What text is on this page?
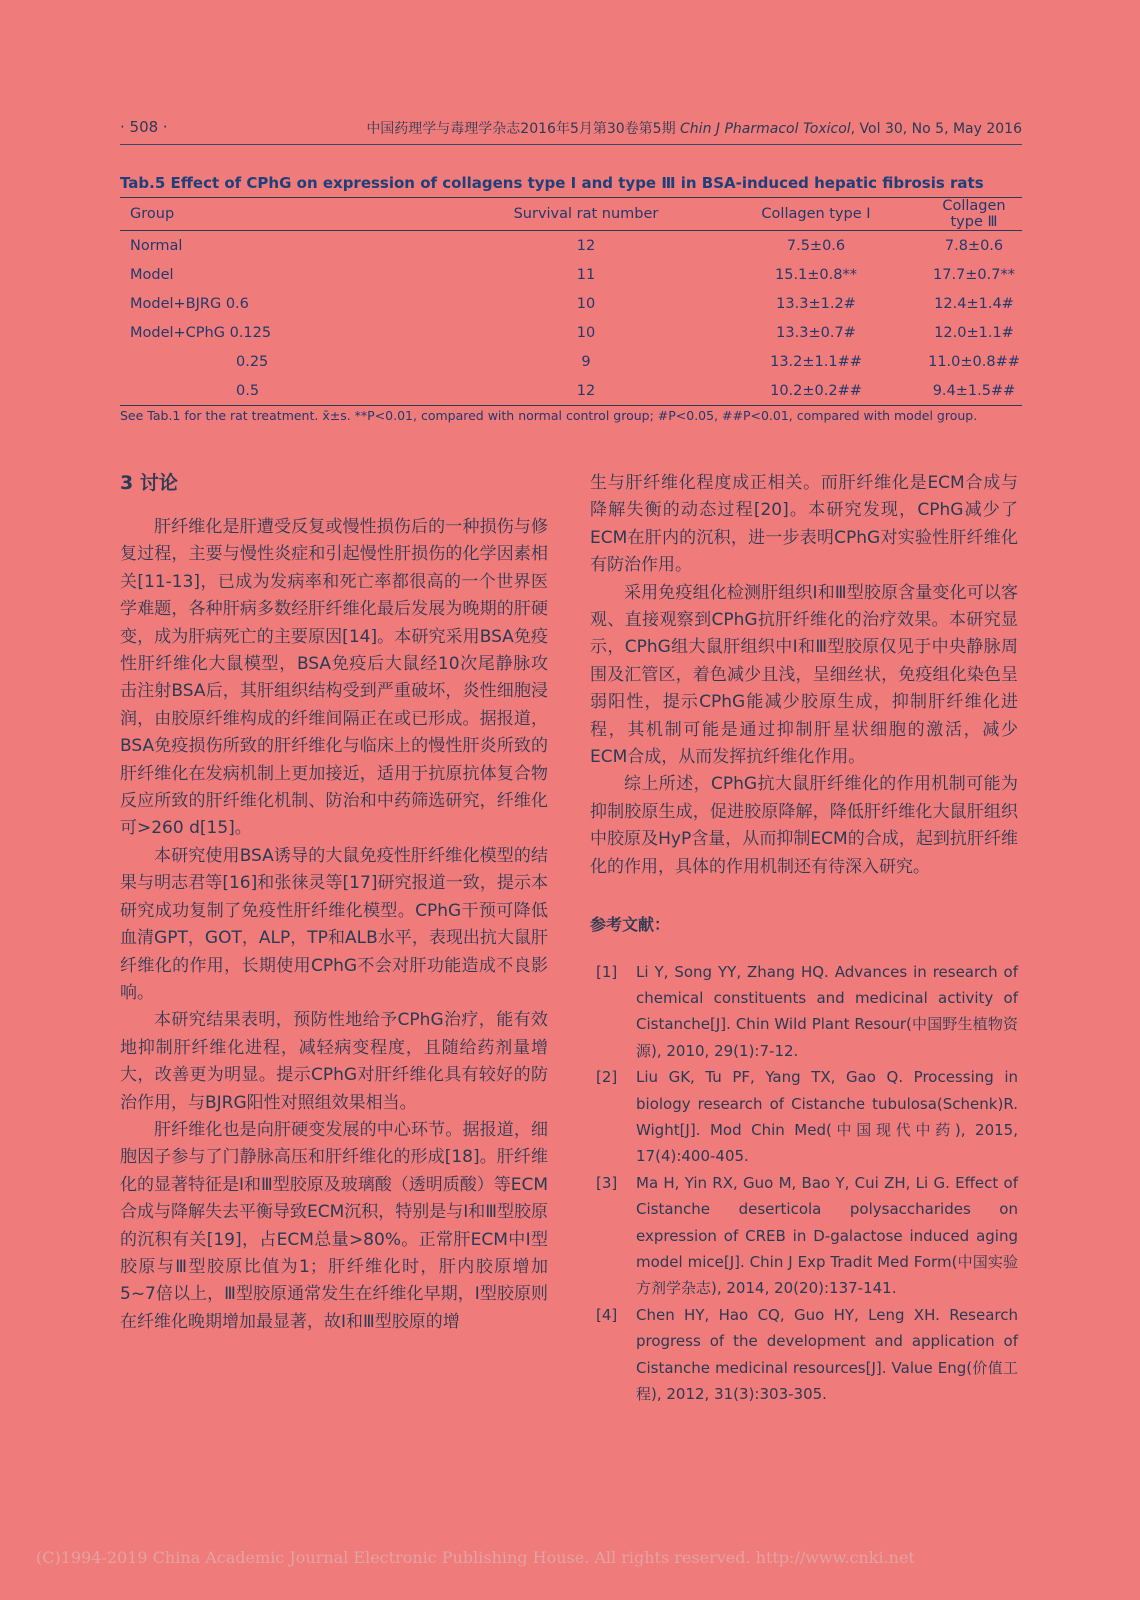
· 508 ·	中国药理学与毒理学杂志2016年5月第30卷第5期 Chin J Pharmacol Toxicol, Vol 30, No 5, May 2016
Tab.5 Effect of CPhG on expression of collagens type Ⅰ and type Ⅲ in BSA-induced hepatic fibrosis rats
Group	Survival rat number	Collagen type Ⅰ	Collagen type Ⅲ
Normal	12	7.5±0.6	7.8±0.6
Model	11	15.1±0.8**	17.7±0.7**
Model+BJRG 0.6	10	13.3±1.2#	12.4±1.4#
Model+CPhG 0.125	10	13.3±0.7#	12.0±1.1#
0.25	9	13.2±1.1##	11.0±0.8##
0.5	12	10.2±0.2##	9.4±1.5##
See Tab.1 for the rat treatment. x̄±s. **P<0.01, compared with normal control group; #P<0.05, ##P<0.01, compared with model group.
3 讨论

肝纤维化是肝遭受反复或慢性损伤后的一种损伤与修复过程，主要与慢性炎症和引起慢性肝损伤的化学因素相关[11-13]，已成为发病率和死亡率都很高的一个世界医学难题，各种肝病多数经肝纤维化最后发展为晚期的肝硬变，成为肝病死亡的主要原因[14]。本研究采用BSA免疫性肝纤维化大鼠模型，BSA免疫后大鼠经10次尾静脉攻击注射BSA后，其肝组织结构受到严重破坏，炎性细胞浸润，由胶原纤维构成的纤维间隔正在或已形成。据报道，BSA免疫损伤所致的肝纤维化与临床上的慢性肝炎所致的肝纤维化在发病机制上更加接近，适用于抗原抗体复合物反应所致的肝纤维化机制、防治和中药筛选研究，纤维化可>260 d[15]。

本研究使用BSA诱导的大鼠免疫性肝纤维化模型的结果与明志君等[16]和张徕灵等[17]研究报道一致，提示本研究成功复制了免疫性肝纤维化模型。CPhG干预可降低血清GPT，GOT，ALP，TP和ALB水平，表现出抗大鼠肝纤维化的作用，长期使用CPhG不会对肝功能造成不良影响。

本研究结果表明，预防性地给予CPhG治疗，能有效地抑制肝纤维化进程，减轻病变程度，且随给药剂量增大，改善更为明显。提示CPhG对肝纤维化具有较好的防治作用，与BJRG阳性对照组效果相当。

肝纤维化也是向肝硬变发展的中心环节。据报道，细胞因子参与了门静脉高压和肝纤维化的形成[18]。肝纤维化的显著特征是Ⅰ和Ⅲ型胶原及玻璃酸（透明质酸）等ECM合成与降解失去平衡导致ECM沉积，特别是与Ⅰ和Ⅲ型胶原的沉积有关[19]，占ECM总量>80%。正常肝ECM中Ⅰ型胶原与Ⅲ型胶原比值为1；肝纤维化时，肝内胶原增加5~7倍以上，Ⅲ型胶原通常发生在纤维化早期，Ⅰ型胶原则在纤维化晚期增加最显著，故Ⅰ和Ⅲ型胶原的增

生与肝纤维化程度成正相关。而肝纤维化是ECM合成与降解失衡的动态过程[20]。本研究发现，CPhG减少了ECM在肝内的沉积，进一步表明CPhG对实验性肝纤维化有防治作用。

采用免疫组化检测肝组织Ⅰ和Ⅲ型胶原含量变化可以客观、直接观察到CPhG抗肝纤维化的治疗效果。本研究显示，CPhG组大鼠肝组织中Ⅰ和Ⅲ型胶原仅见于中央静脉周围及汇管区，着色减少且浅，呈细丝状，免疫组化染色呈弱阳性，提示CPhG能减少胶原生成，抑制肝纤维化进程，其机制可能是通过抑制肝星状细胞的激活，减少ECM合成，从而发挥抗纤维化作用。

综上所述，CPhG抗大鼠肝纤维化的作用机制可能为抑制胶原生成，促进胶原降解，降低肝纤维化大鼠肝组织中胶原及HyP含量，从而抑制ECM的合成，起到抗肝纤维化的作用，具体的作用机制还有待深入研究。

参考文献：
[1] Li Y, Song YY, Zhang HQ. Advances in research of chemical constituents and medicinal activity of Cistanche[J]. Chin Wild Plant Resour(中国野生植物资源), 2010, 29(1):7-12.
[2] Liu GK, Tu PF, Yang TX, Gao Q. Processing in biology research of Cistanche tubulosa(Schenk)R. Wight[J]. Mod Chin Med(中国现代中药), 2015, 17(4):400-405.
[3] Ma H, Yin RX, Guo M, Bao Y, Cui ZH, Li G. Effect of Cistanche deserticola polysaccharides on expression of CREB in D-galactose induced aging model mice[J]. Chin J Exp Tradit Med Form(中国实验方剂学杂志), 2014, 20(20):137-141.
[4] Chen HY, Hao CQ, Guo HY, Leng XH. Research progress of the development and application of Cistanche medicinal resources[J]. Value Eng(价值工程), 2012, 31(3):303-305.
(C)1994-2019 China Academic Journal Electronic Publishing House. All rights reserved. http://www.cnki.net
